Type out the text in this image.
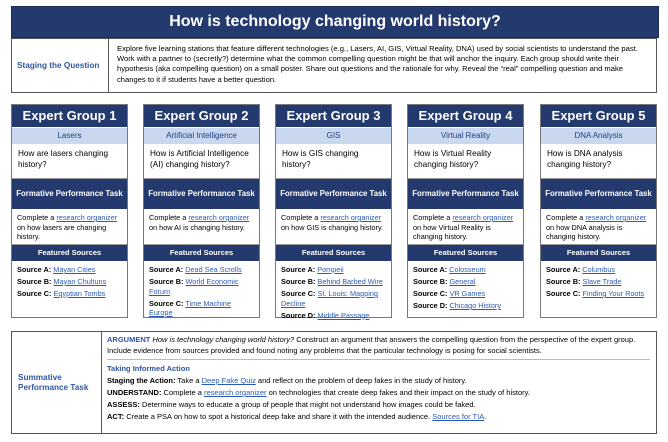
How is technology changing world history?
Staging the Question
Explore five learning stations that feature different technologies (e.g., Lasers, AI, GIS, Virtual Reality, DNA) used by social scientists to understand the past. Work with a partner to (secretly?) determine what the common compelling question might be that will anchor the inquiry. Each group should write their hypothesis (aka compelling question) on a small poster. Share out questions and the rationale for why. Reveal the “real” compelling question and make changes to it if students have a better question.
Expert Group 1
Lasers
How are lasers changing history?
Formative Performance Task
Complete a research organizer on how lasers are changing history.
Featured Sources
Source A: Mayan Cities
Source B: Mayan Chultuns
Source C: Egyptian Tombs
Expert Group 2
Artificial Intelligence
How is Artificial Intelligence (AI) changing history?
Formative Performance Task
Complete a research organizer on how AI is changing history.
Featured Sources
Source A: Dead Sea Scrolls
Source B: World Economic Forum
Source C: Time Machine Europe
Expert Group 3
GIS
How is GIS changing history?
Formative Performance Task
Complete a research organizer on how GIS is changing history.
Featured Sources
Source A: Pompeii
Source B: Behind Barbed Wire
Source C: St. Louis: Mapping Decline
Source D: Middle Passage
Expert Group 4
Virtual Reality
How is Virtual Reality changing history?
Formative Performance Task
Complete a research organizer on how Virtual Reality is changing history.
Featured Sources
Source A: Colosseum
Source B: General
Source C: VR Games
Source D: Chicago History
Expert Group 5
DNA Analysis
How is DNA analysis changing history?
Formative Performance Task
Complete a research organizer on how DNA analysis is changing history.
Featured Sources
Source A: Columbus
Source B: Slave Trade
Source C: Finding Your Roots
Summative Performance Task
ARGUMENT How is technology changing world history? Construct an argument that answers the compelling question from the perspective of the expert group. Include evidence from sources provided and found noting any problems that the particular technology is posing for social scientists.
Taking Informed Action
Staging the Action: Take a Deep Fake Quiz and reflect on the problem of deep fakes in the study of history.
UNDERSTAND: Complete a research organizer on technologies that create deep fakes and their impact on the study of history.
ASSESS: Determine ways to educate a group of people that might not understand how images could be faked.
ACT: Create a PSA on how to spot a historical deep fake and share it with the intended audience. Sources for TIA.
